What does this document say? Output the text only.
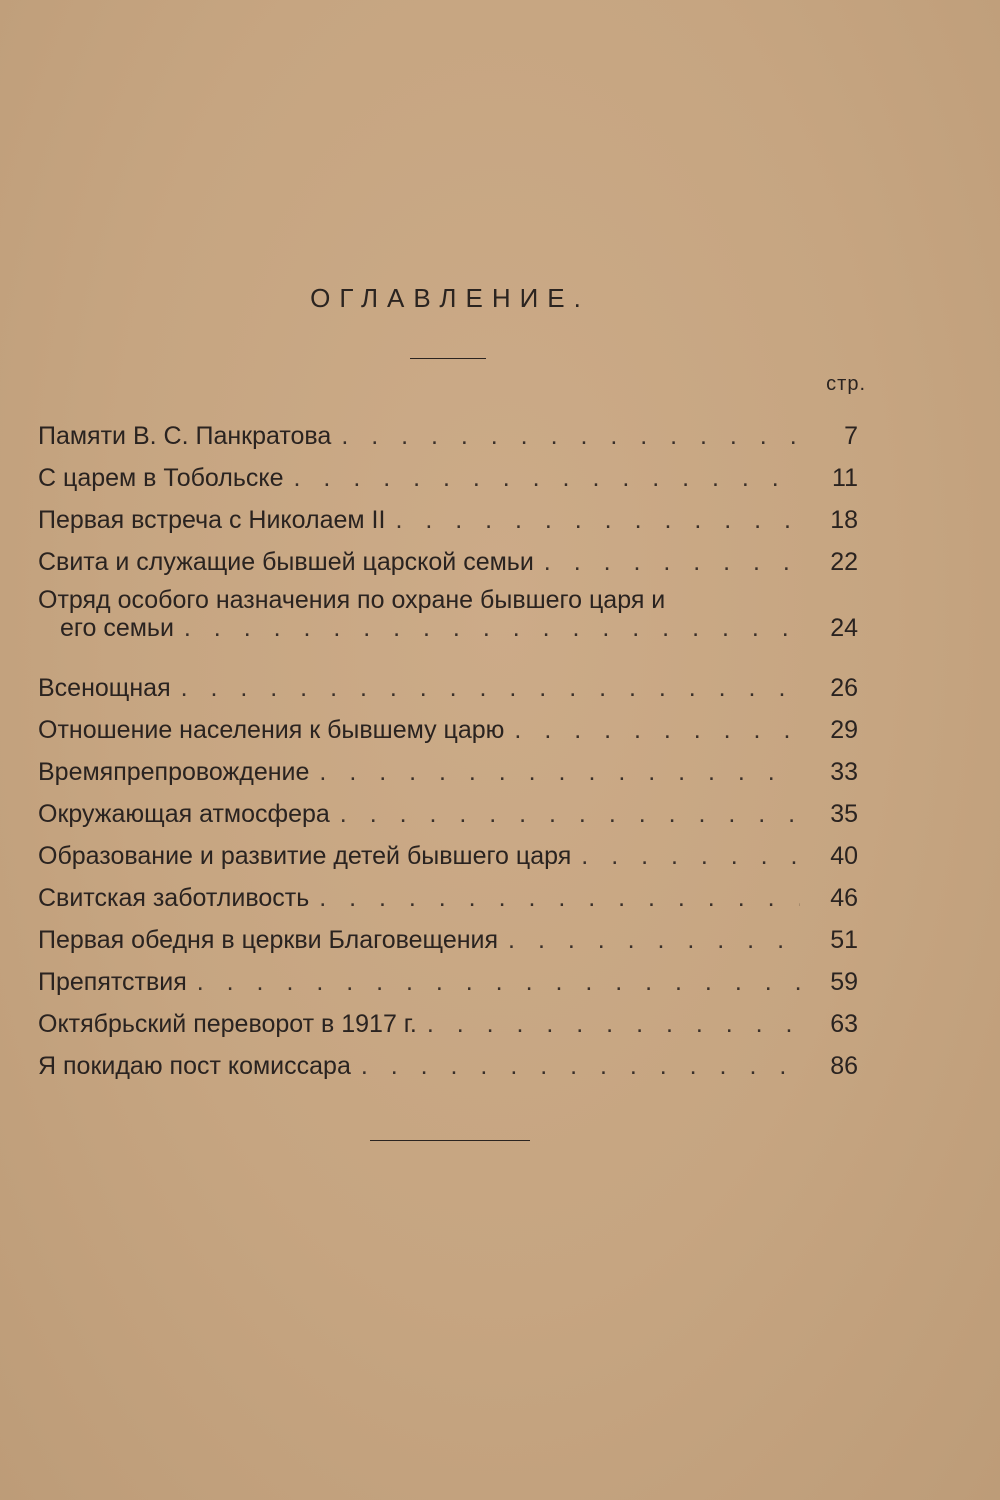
ОГЛАВЛЕНИЕ.
стр.
Памяти В. С. Панкратова . . .	7
С царем в Тобольске . . .	11
Первая встреча с Николаем II . . .	18
Свита и служащие бывшей царской семьи . . .	22
Отряд особого назначения по охране бывшего царя и
его семьи . . .	24
Всенощная . . .	26
Отношение населения к бывшему царю . . .	29
Времяпрепровождение . . .	33
Окружающая атмосфера . . .	35
Образование и развитие детей бывшего царя . . .	40
Свитская заботливость . . .	46
Первая обедня в церкви Благовещения . . .	51
Препятствия . . .	59
Октябрьский переворот в 1917 г. . . .	63
Я покидаю пост комиссара . . .	86
